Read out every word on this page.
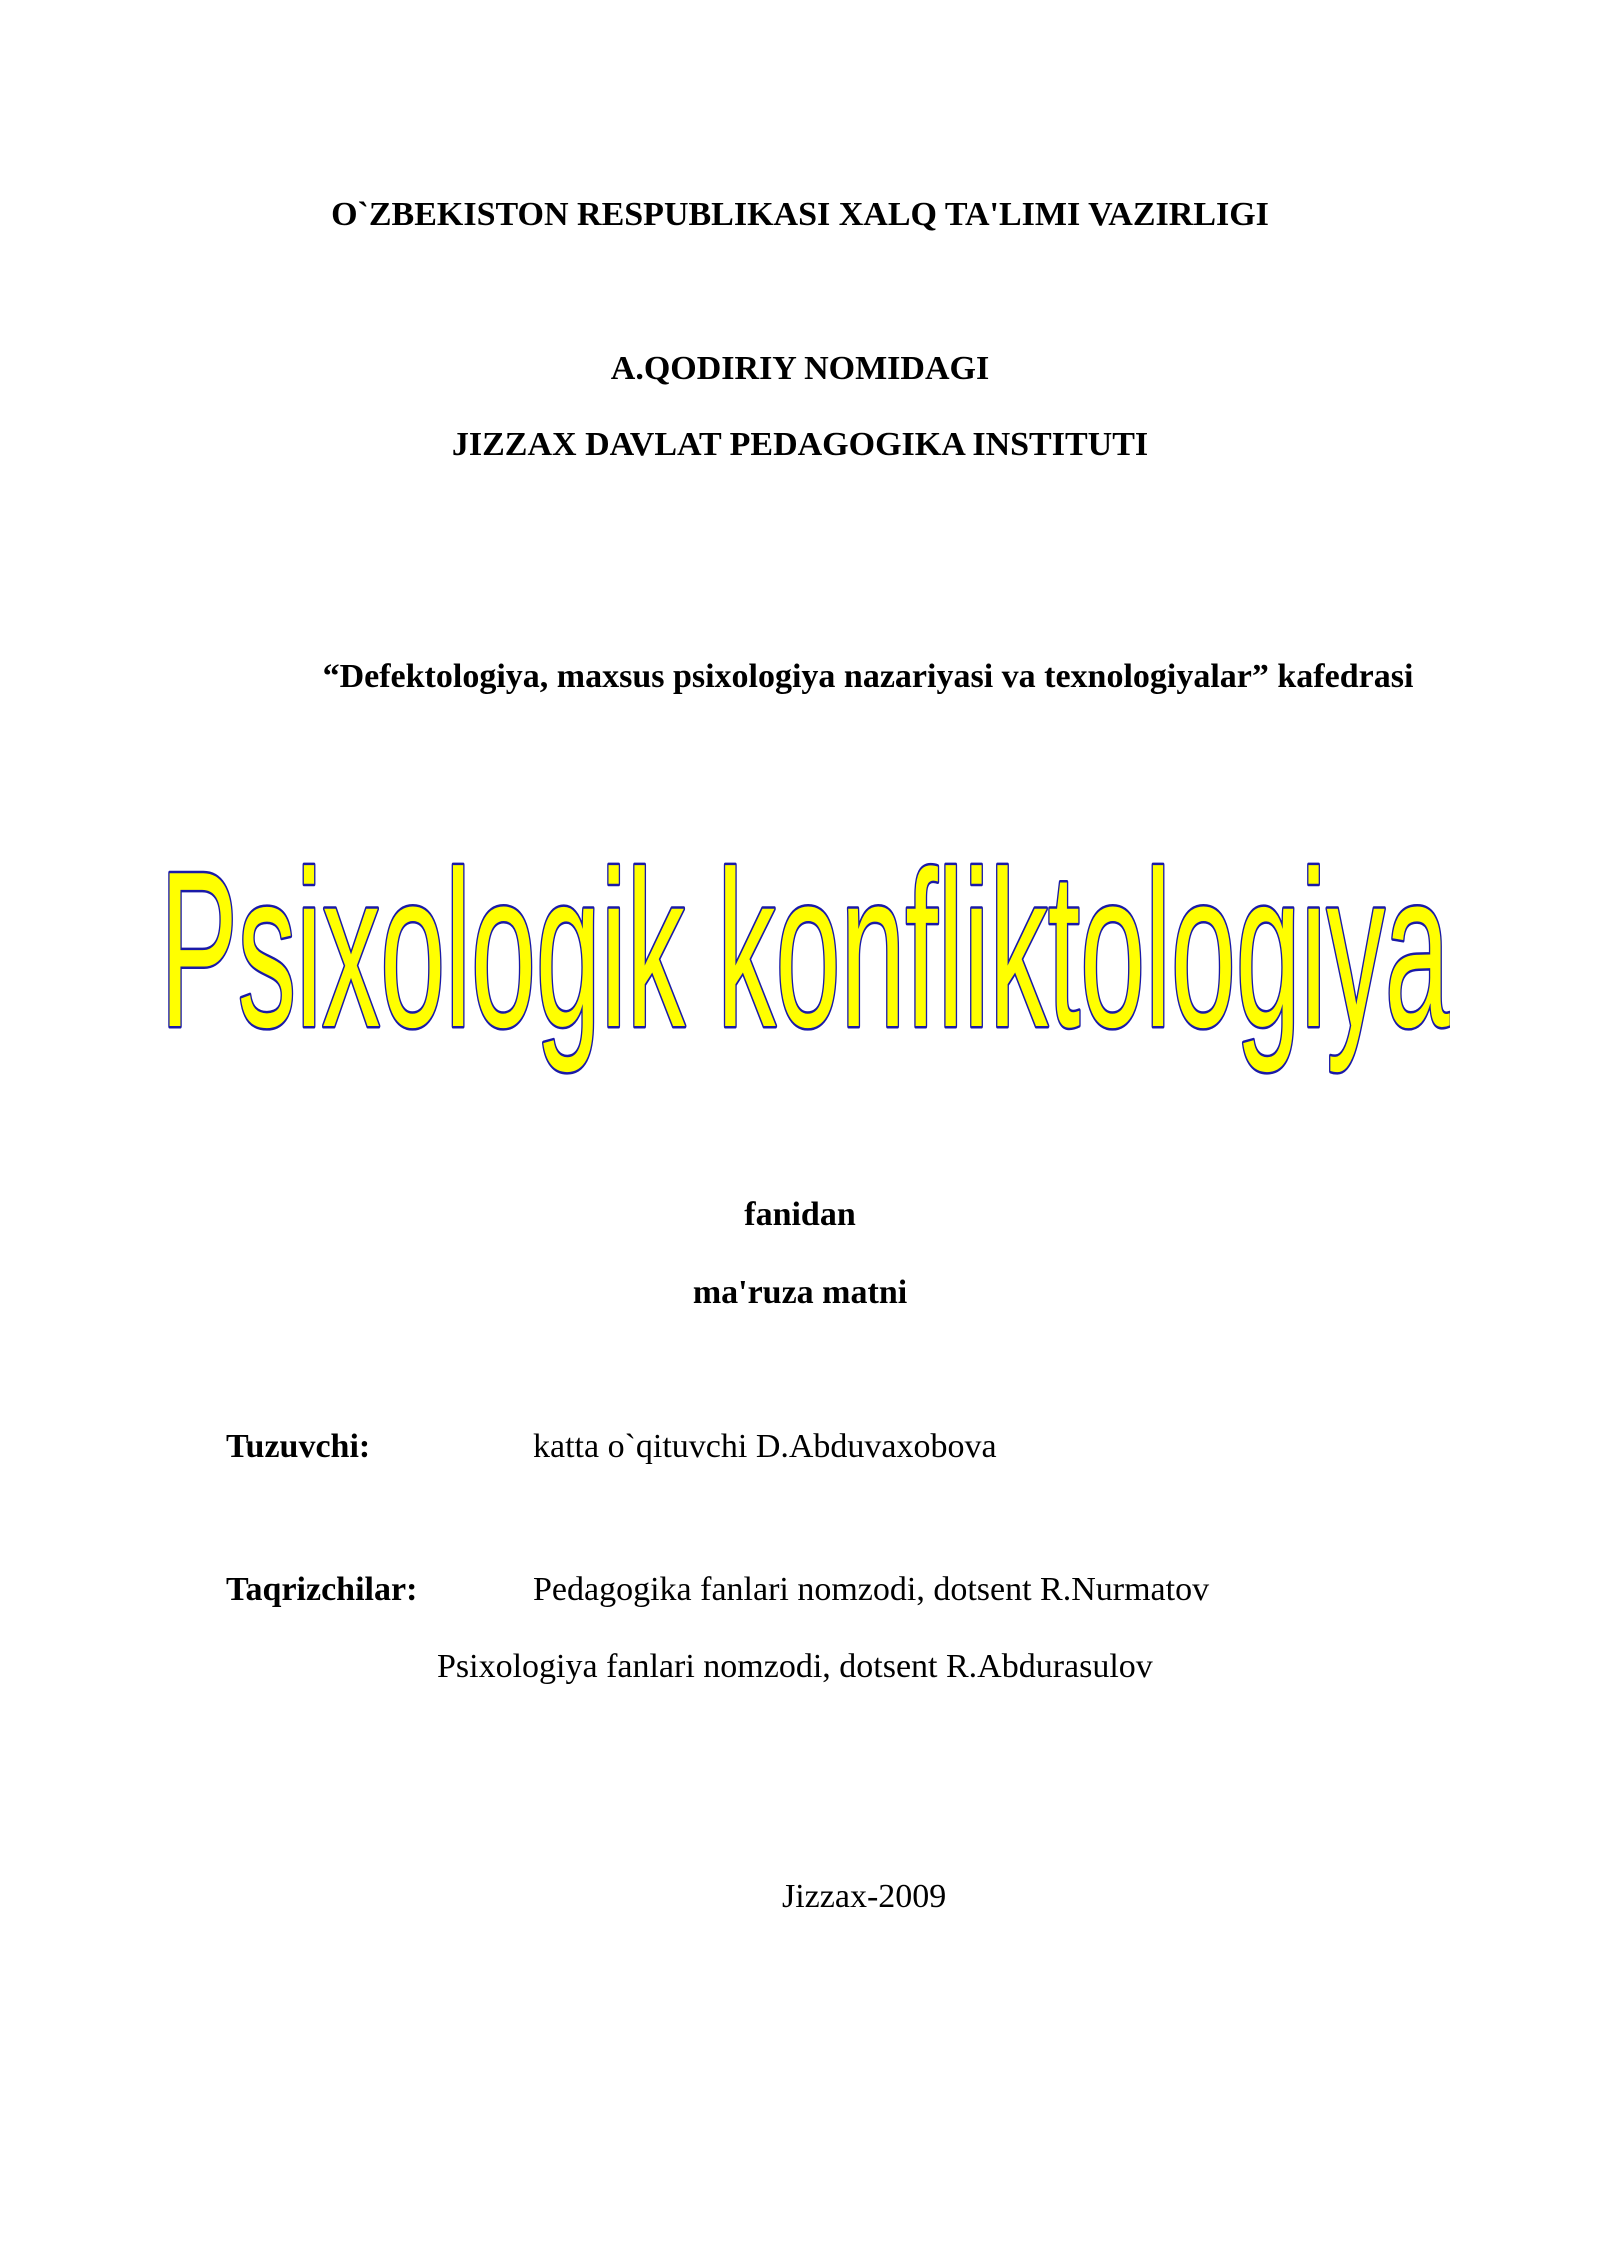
O`ZBEKISTON RESPUBLIKASI XALQ TA'LIMI VAZIRLIGI
A.QODIRIY NOMIDAGI
JIZZAX DAVLAT PEDAGOGIKA INSTITUTI
“Defektologiya, maxsus psixologiya nazariyasi va texnologiyalar” kafedrasi
Psixologik konfliktologiya
fanidan
ma'ruza matni
Tuzuvchi:	katta o`qituvchi D.Abduvaxobova
Taqrizchilar:	Pedagogika fanlari nomzodi, dotsent R.Nurmatov
Psixologiya fanlari nomzodi, dotsent R.Abdurasulov
Jizzax-2009
